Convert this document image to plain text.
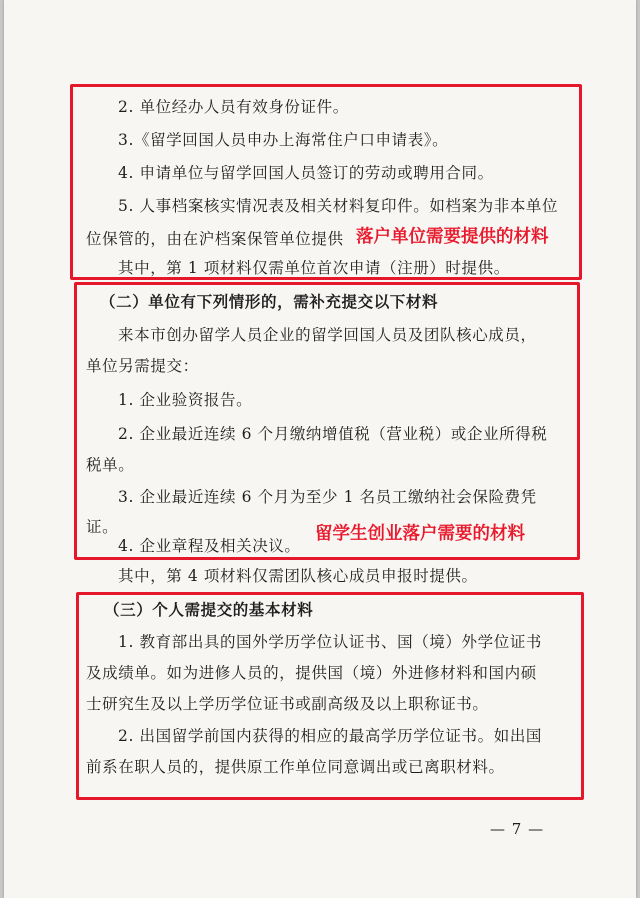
2. 单位经办人员有效身份证件。
3.《留学回国人员申办上海常住户口申请表》。
4. 申请单位与留学回国人员签订的劳动或聘用合同。
5. 人事档案核实情况表及相关材料复印件。如档案为非本单位
位保管的，由在沪档案保管单位提供 落户单位需要提供的材料
其中，第 1 项材料仅需单位首次申请（注册）时提供。
（二）单位有下列情形的，需补充提交以下材料
来本市创办留学人员企业的留学回国人员及团队核心成员，
单位另需提交：
1. 企业验资报告。
2. 企业最近连续 6 个月缴纳增值税（营业税）或企业所得税
税单。
3. 企业最近连续 6 个月为至少 1 名员工缴纳社会保险费凭
证。
4. 企业章程及相关决议。
留学生创业落户需要的材料
其中，第 4 项材料仅需团队核心成员申报时提供。
（三）个人需提交的基本材料
1. 教育部出具的国外学历学位认证书、国（境）外学位证书
及成绩单。如为进修人员的，提供国（境）外进修材料和国内硕
士研究生及以上学历学位证书或副高级及以上职称证书。
2. 出国留学前国内获得的相应的最高学历学位证书。如出国
前系在职人员的，提供原工作单位同意调出或已离职材料。
— 7 —
